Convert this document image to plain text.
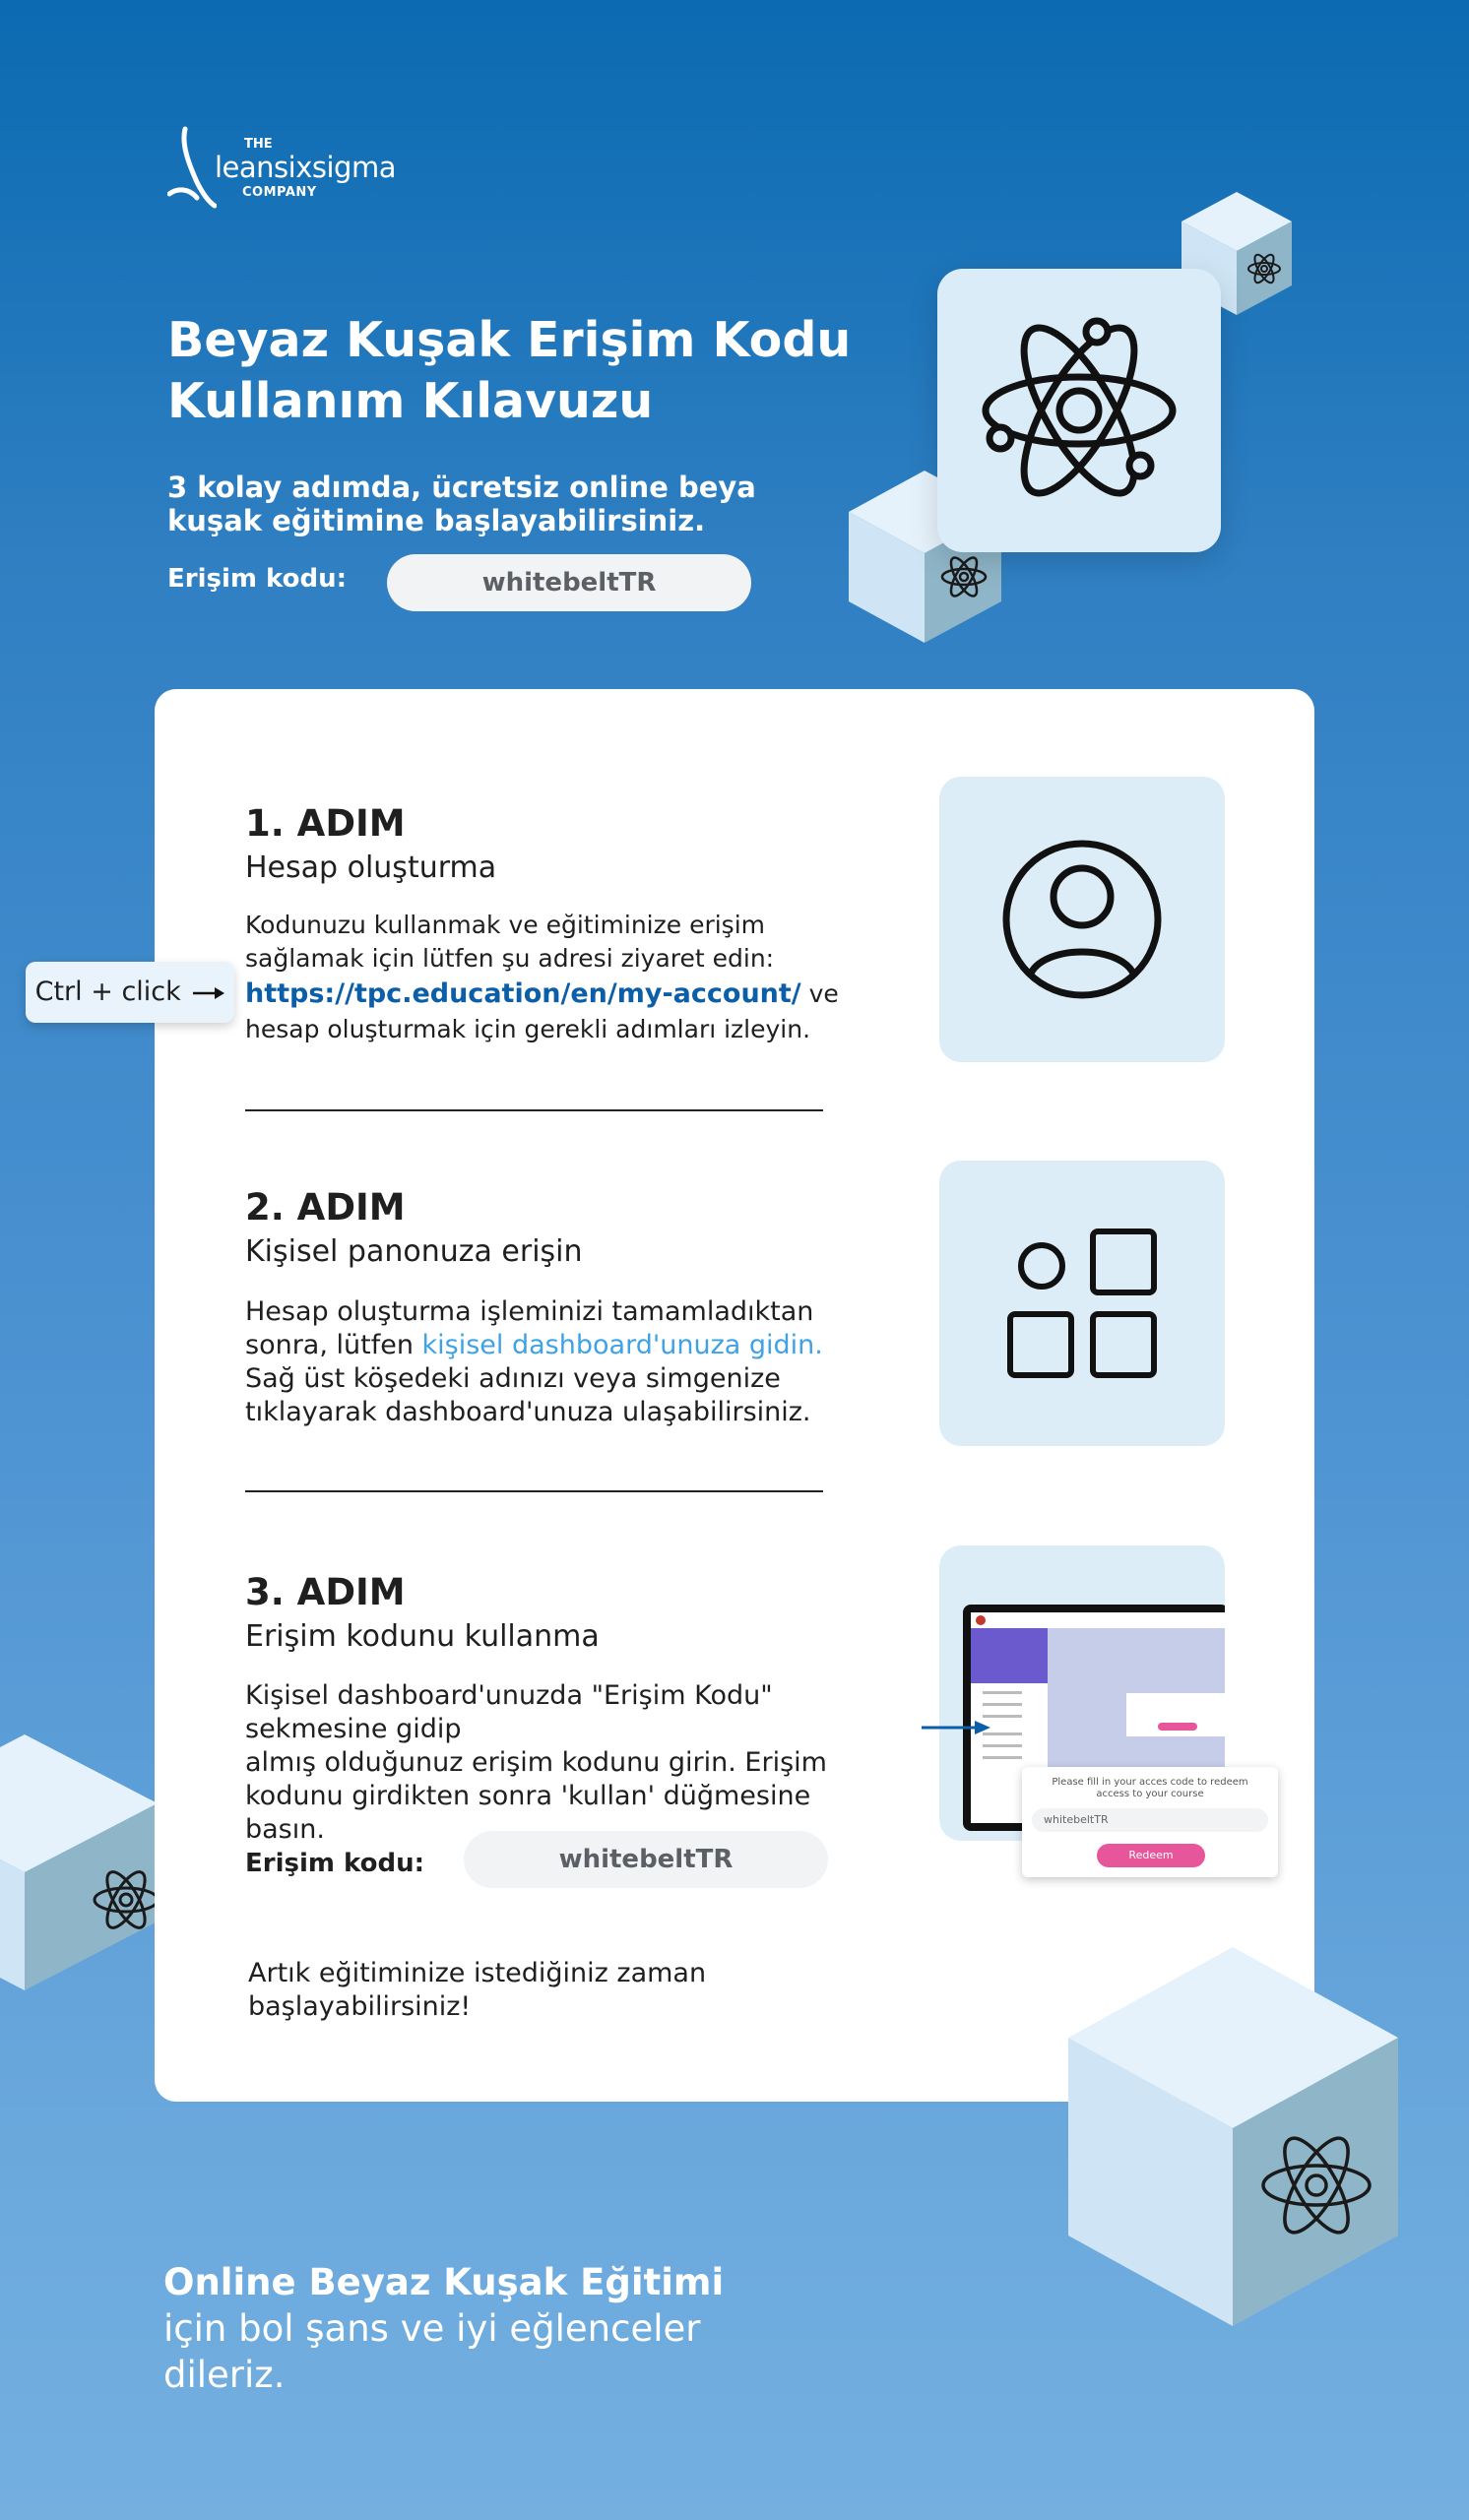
THE
leansixsigma
COMPANY
Beyaz Kuşak Erişim Kodu
Kullanım Kılavuzu
3 kolay adımda, ücretsiz online beya
kuşak eğitimine başlayabilirsiniz.
Erişim kodu:	whitebeltTR
1. ADIM
Hesap oluşturma
Kodunuzu kullanmak ve eğitiminize erişim
sağlamak için lütfen şu adresi ziyaret edin:
https://tpc.education/en/my-account/ ve
hesap oluşturmak için gerekli adımları izleyin.
Ctrl + click
2. ADIM
Kişisel panonuza erişin
Hesap oluşturma işleminizi tamamladıktan
sonra, lütfen kişisel dashboard'unuza gidin.
Sağ üst köşedeki adınızı veya simgenize
tıklayarak dashboard'unuza ulaşabilirsiniz.
3. ADIM
Erişim kodunu kullanma
Kişisel dashboard'unuzda "Erişim Kodu"
sekmesine gidip
almış olduğunuz erişim kodunu girin. Erişim
kodunu girdikten sonra 'kullan' düğmesine basın.
Erişim kodu:	whitebeltTR
Please fill in your acces code to redeem access to your course
whitebeltTR
Redeem
Artık eğitiminize istediğiniz zaman
başlayabilirsiniz!
Online Beyaz Kuşak Eğitimi
için bol şans ve iyi eğlenceler
dileriz.
